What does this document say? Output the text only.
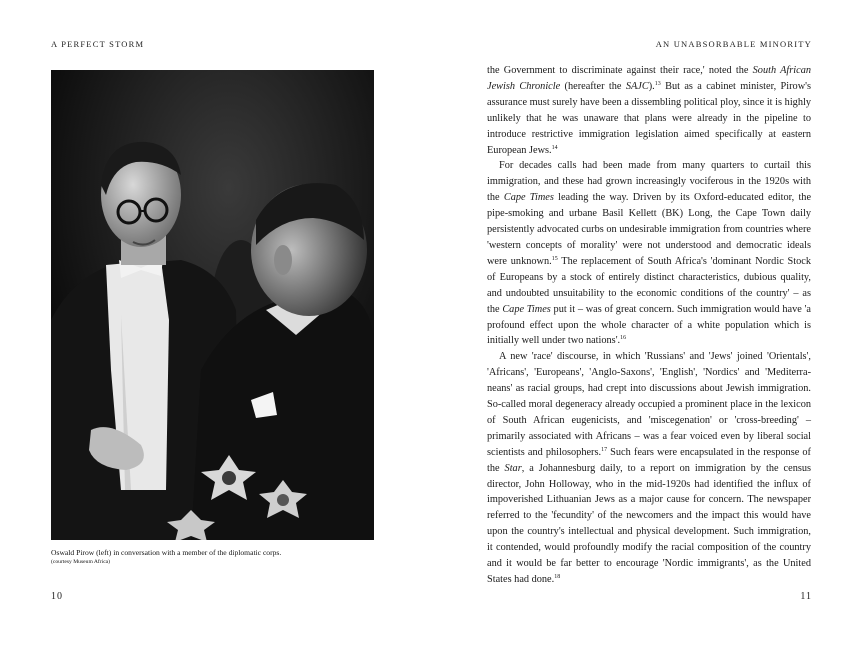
A PERFECT STORM	AN UNABSORBABLE MINORITY
Oswald Pirow (left) in conversation with a member of the diplomatic corps.
(courtesy Museum Africa)

the Government to discriminate against their race,' noted the South African Jewish Chronicle (hereafter the SAJC).$^{13}$ But as a cabinet minister, Pirow's assurance must surely have been a dissembling political ploy, since it is highly unlikely that he was unaware that plans were already in the pipeline to introduce restrictive immigration legislation aimed specifically at eastern European Jews.$^{14}$

For decades calls had been made from many quarters to curtail this immigration, and these had grown increasingly vociferous in the 1920s with the Cape Times leading the way. Driven by its Oxford-educated editor, the pipe-smoking and urbane Basil Kellett (BK) Long, the Cape Town daily persistently advocated curbs on undesirable immigration from countries where 'western concepts of morality' were not understood and democratic ideals were unknown.$^{15}$ The replacement of South Africa's 'dominant Nordic Stock of Europeans by a stock of entirely distinct characteristics, dubious quality, and undoubted unsuitability to the economic conditions of the country' – as the Cape Times put it – was of great concern. Such immigration would have 'a profound effect upon the whole character of a white population which is initially well under two nations'.$^{16}$

A new 'race' discourse, in which 'Russians' and 'Jews' joined 'Orientals', 'Africans', 'Europeans', 'Anglo-Saxons', 'English', 'Nordics' and 'Mediterraneans' as racial groups, had crept into discussions about Jewish immigration. So-called moral degeneracy already occupied a prominent place in the lexicon of South African eugenicists, and 'miscegenation' or 'cross-breeding' – primarily associated with Africans – was a fear voiced even by liberal social scientists and philosophers.$^{17}$ Such fears were encapsulated in the response of the Star, a Johannesburg daily, to a report on immigration by the census director, John Holloway, who in the mid-1920s had identified the influx of impoverished Lithuanian Jews as a major cause for concern. The newspaper referred to the 'fecundity' of the newcomers and the impact this would have upon the country's intellectual and physical development. Such immigration, it contended, would profoundly modify the racial composition of the country and it would be far better to encourage 'Nordic immigrants', as the United States had done.$^{18}$

10	11
